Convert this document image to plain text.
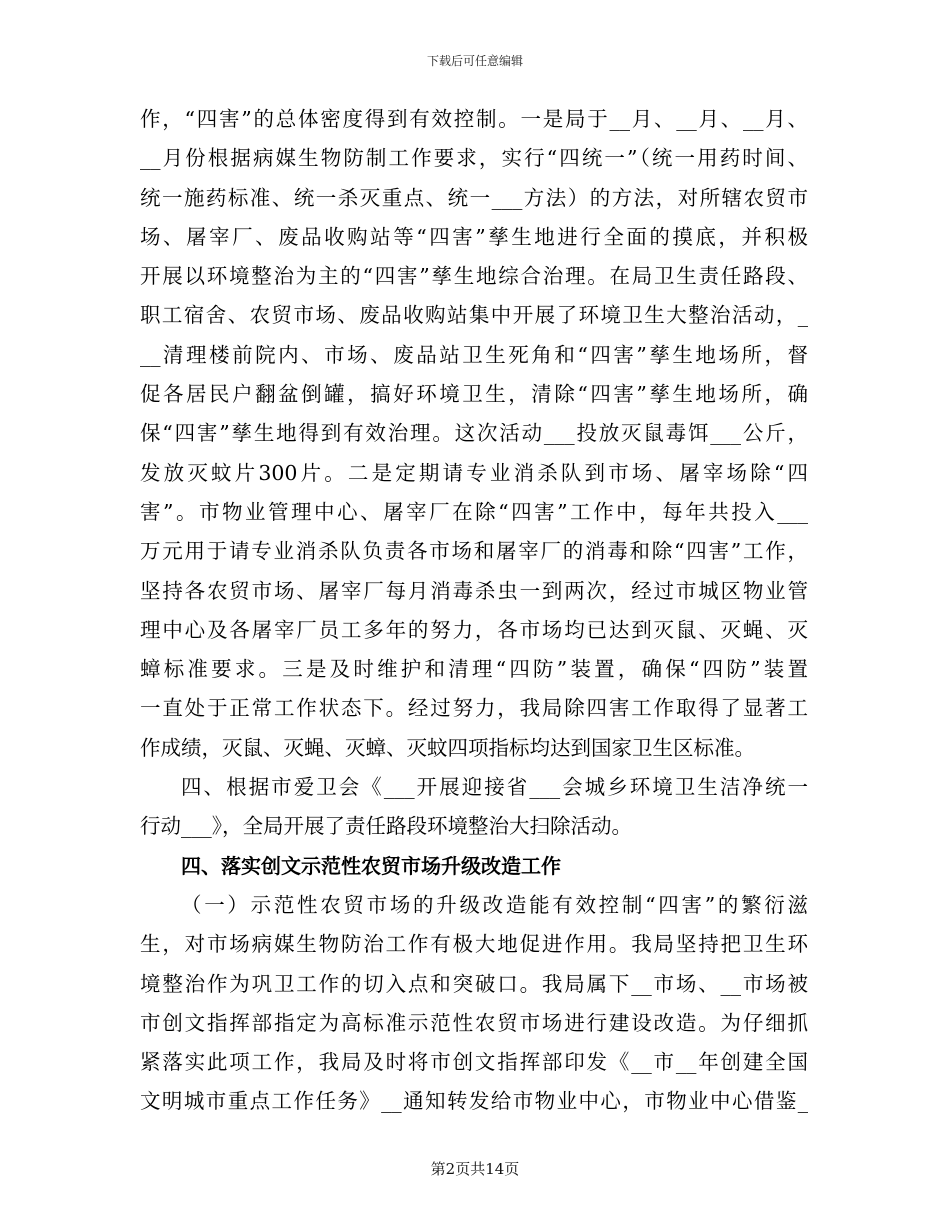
下载后可任意编辑
作，“四害”的总体密度得到有效控制。一是局于__月、__月、__月、
__月份根据病媒生物防制工作要求，实行“四统一”（统一用药时间、
统一施药标准、统一杀灭重点、统一___方法）的方法，对所辖农贸市
场、屠宰厂、废品收购站等“四害”孳生地进行全面的摸底，并积极
开展以环境整治为主的“四害”孳生地综合治理。在局卫生责任路段、
职工宿舍、农贸市场、废品收购站集中开展了环境卫生大整治活动，_
__清理楼前院内、市场、废品站卫生死角和“四害”孳生地场所，督
促各居民户翻盆倒罐，搞好环境卫生，清除“四害”孳生地场所，确
保“四害”孳生地得到有效治理。这次活动___投放灭鼠毒饵___公斤，
发放灭蚊片300片。二是定期请专业消杀队到市场、屠宰场除“四
害”。市物业管理中心、屠宰厂在除“四害”工作中，每年共投入___
万元用于请专业消杀队负责各市场和屠宰厂的消毒和除“四害”工作，
坚持各农贸市场、屠宰厂每月消毒杀虫一到两次，经过市城区物业管
理中心及各屠宰厂员工多年的努力，各市场均已达到灭鼠、灭蝇、灭
蟑标准要求。三是及时维护和清理“四防”装置，确保“四防”装置
一直处于正常工作状态下。经过努力，我局除四害工作取得了显著工
作成绩，灭鼠、灭蝇、灭蟑、灭蚊四项指标均达到国家卫生区标准。
四、根据市爱卫会《___开展迎接省___会城乡环境卫生洁净统一
行动___》，全局开展了责任路段环境整治大扫除活动。
四、落实创文示范性农贸市场升级改造工作
（一）示范性农贸市场的升级改造能有效控制“四害”的繁衍滋
生，对市场病媒生物防治工作有极大地促进作用。我局坚持把卫生环
境整治作为巩卫工作的切入点和突破口。我局属下__市场、__市场被
市创文指挥部指定为高标准示范性农贸市场进行建设改造。为仔细抓
紧落实此项工作，我局及时将市创文指挥部印发《__市__年创建全国
文明城市重点工作任务》__通知转发给市物业中心，市物业中心借鉴_
第2页共14页
